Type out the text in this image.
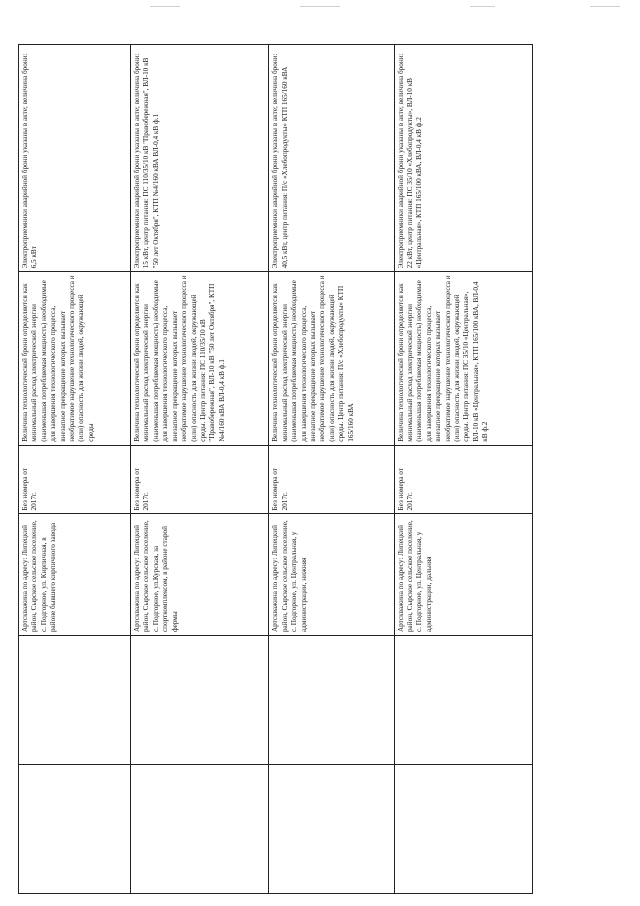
		Артскважина по адресу: Липецкий район, Сырское сельское поселение, с. Подгорное, ул. Кирпичная, в районе бывшего кирпичного завода	Без номера от 2017г.	Величина технологической брони определяется как минимальный расход электрической энергии (наименьшая потребляемая мощность) необходимые для завершения технологического процесса, внезапное прекращение которых вызывает необратимое нарушение технологического процесса и (или) опасность для жизни людей, окружающей среды	Электроприемники аварийной брони указаны в акте; величина брони: 6,5 кВт
		Артскважина по адресу: Липецкий район, Сырское сельское поселение, с. Подгорное, ул.Курская, за спорткомплексом, в районе старой фермы	Без номера от 2017г.	Величина технологической брони определяется как минимальный расход электрической энергии (наименьшая потребляемая мощность) необходимые для завершения технологического процесса, внезапное прекращение которых вызывает необратимое нарушение технологического процесса и (или) опасность для жизни людей, окружающей среды. Центр питания: ПС 110/35/10 кВ "Правобережная", ВЛ-10 кВ "50 лет Октября", КТП №4/160 кВА ВЛ-0,4 кВ ф.1	Электроприемники аварийной брони указаны в акте; величина брони: 15 кВт, центр питания: ПС 110/35/10 кВ "Правобережная", ВЛ-10 кВ "50 лет Октября", КТП №4/160 кВА ВЛ-0,4 кВ ф.1
		Артскважина по адресу: Липецкий район, Сырское сельское поселение, с. Подгорное, ул. Центральная, у администрации, нижняя	Без номера от 2017г.	Величина технологической брони определяется как минимальный расход электрической энергии (наименьшая потребляемая мощность) необходимые для завершения технологического процесса, внезапное прекращение которых вызывает необратимое нарушение технологического процесса и (или) опасность для жизни людей, окружающей среды. Центр питания: П/с «Хлебопродукты» КТП 165/160 кВА	Электроприемники аварийной брони указаны в акте; величина брони: 40,5 кВт, центр питания: П/с «Хлебопродукты» КТП 165/160 кВА
		Артскважина по адресу: Липецкий район, Сырское сельское поселение, с. Подгорное, ул. Центральная, у администрации, дальняя	Без номера от 2017г.	Величина технологической брони определяется как минимальный расход электрической энергии (наименьшая потребляемая мощность) необходимые для завершения технологического процесса, внезапное прекращение которых вызывает необратимое нарушение технологического процесса и (или) опасность для жизни людей, окружающей среды. Центр питания: ПС 35/10 «Центральная», ВЛ-10 кВ «Центральная», КТП 165/100 кВА, ВЛ-0,4 кВ ф.2	Электроприемники аварийной брони указаны в акте; величина брони: 22 кВт, центр питания: ПС 35/10 «Хлебопродукты», ВЛ-10 кВ «Центральная», КТП 165/100 кВА, ВЛ-0,4 кВ ф.2
